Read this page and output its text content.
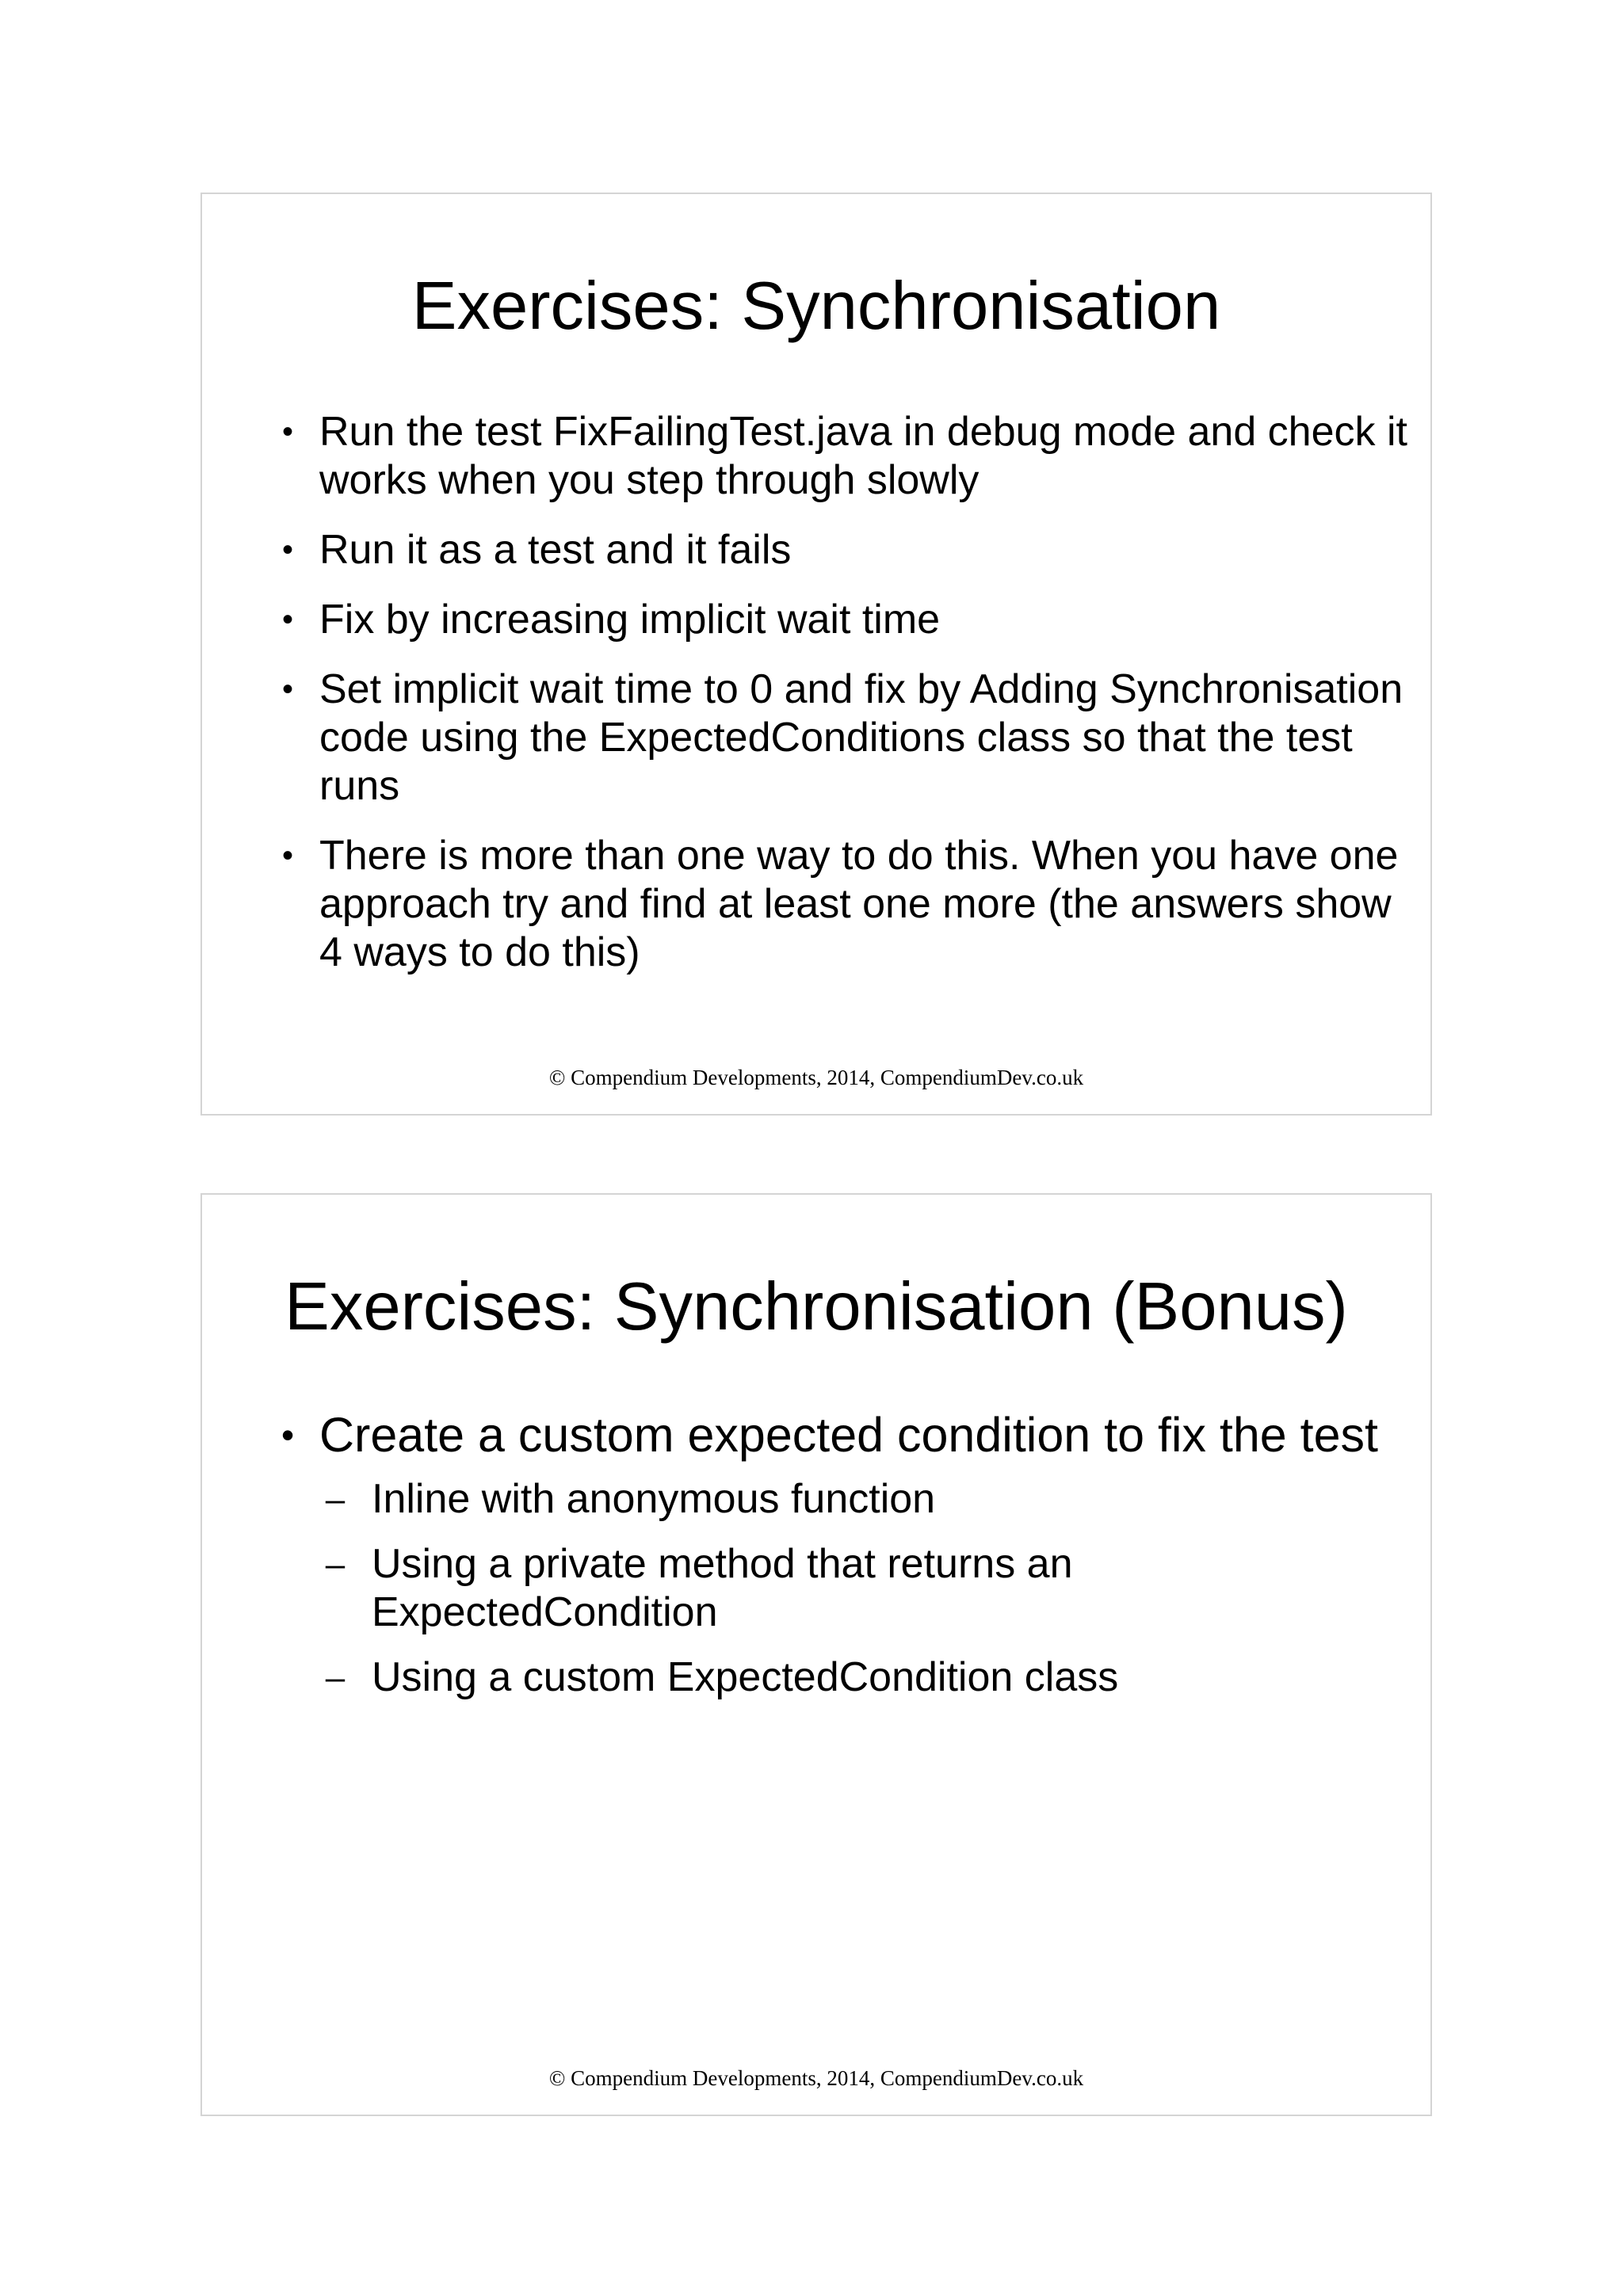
Exercises: Synchronisation
• Run the test FixFailingTest.java in debug mode and check it works when you step through slowly
• Run it as a test and it fails
• Fix by increasing implicit wait time
• Set implicit wait time to 0 and fix by Adding Synchronisation code using the ExpectedConditions class so that the test runs
• There is more than one way to do this. When you have one approach try and find at least one more (the answers show 4 ways to do this)
© Compendium Developments, 2014, CompendiumDev.co.uk
Exercises: Synchronisation (Bonus)
• Create a custom expected condition to fix the test
– Inline with anonymous function
– Using a private method that returns an ExpectedCondition
– Using a custom ExpectedCondition class
© Compendium Developments, 2014, CompendiumDev.co.uk
